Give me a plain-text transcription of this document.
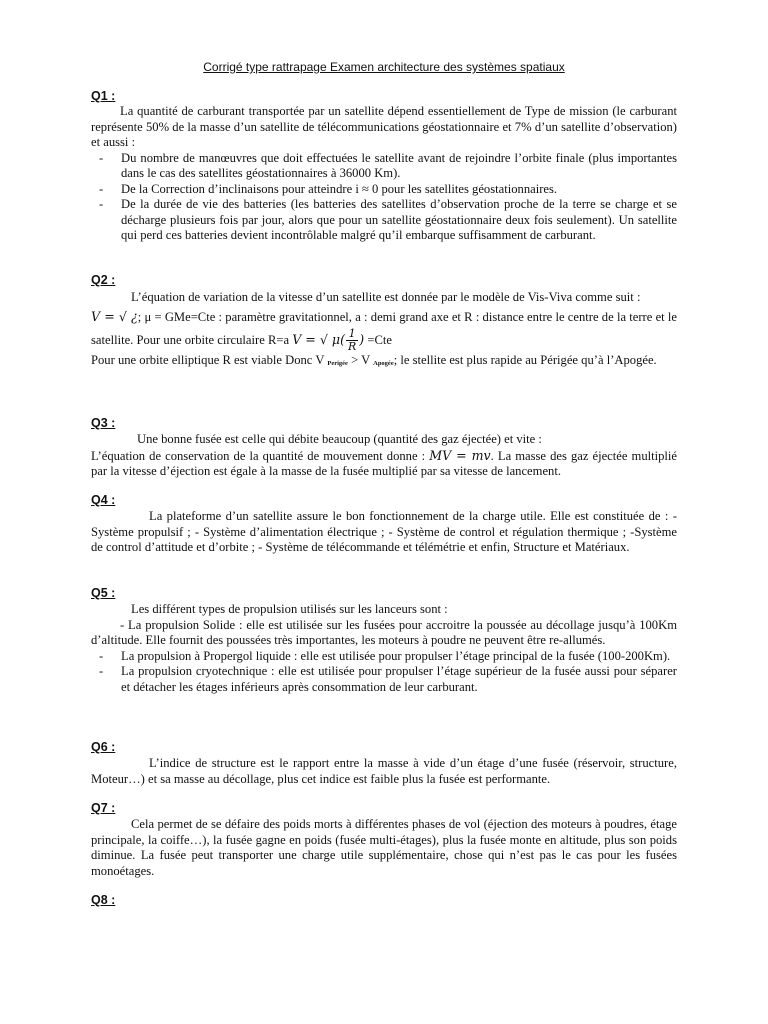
Corrigé type rattrapage Examen architecture des systèmes spatiaux
Q1 :

La quantité de carburant transportée par un satellite dépend essentiellement de Type de mission (le carburant représente 50% de la masse d’un satellite de télécommunications géostationnaire et 7% d’un satellite d’observation) et aussi :

- Du nombre de manœuvres que doit effectuées le satellite avant de rejoindre l’orbite finale (plus importantes dans le cas des satellites géostationnaires à 36000 Km).
- De la Correction d’inclinaisons pour atteindre i ≈ 0 pour les satellites géostationnaires.
- De la durée de vie des batteries (les batteries des satellites d’observation proche de la terre se charge et se décharge plusieurs fois par jour, alors que pour un satellite géostationnaire deux fois seulement). Un satellite qui perd ces batteries devient incontrôlable malgré qu’il embarque suffisamment de carburant.
Q2 :

L’équation de variation de la vitesse d’un satellite est donnée par le modèle de Vis-Viva comme suit :

V = √ ¿; μ = GMe=Cte : paramètre gravitationnel, a : demi grand axe et R : distance entre le centre de la terre et le satellite. Pour une orbite circulaire R=a V = √ $\mu( \frac{1}{R}$ ) =Cte

Pour une orbite elliptique R est viable Donc V Perigée > V Apogée; le stellite est plus rapide au Périgée qu’à l’Apogée.

Q3 :

Une bonne fusée est celle qui débite beaucoup (quantité des gaz éjectée) et vite :

L’équation de conservation de la quantité de mouvement donne : MV = mv. La masse des gaz éjectée multiplié par la vitesse d’éjection est égale à la masse de la fusée multiplié par sa vitesse de lancement.

Q4 :

La plateforme d’un satellite assure le bon fonctionnement de la charge utile. Elle est constituée de : - Système propulsif ; - Système d’alimentation électrique ; - Système de control et régulation thermique ; -Système de control d’attitude et d’orbite ; - Système de télécommande et télémétrie et enfin, Structure et Matériaux.

Q5 :

Les différent types de propulsion utilisés sur les lanceurs sont :

- La propulsion Solide : elle est utilisée sur les fusées pour accroitre la poussée au décollage jusqu’à 100Km d’altitude. Elle fournit des poussées très importantes, les moteurs à poudre ne peuvent être re-allumés.

- La propulsion à Propergol liquide : elle est utilisée pour propulser l’étage principal de la fusée (100-200Km).
- La propulsion cryotechnique : elle est utilisée pour propulser l’étage supérieur de la fusée aussi pour séparer et détacher les étages inférieurs après consommation de leur carburant.
Q6 :

L’indice de structure est le rapport entre la masse à vide d’un étage d’une fusée (réservoir, structure, Moteur…) et sa masse au décollage, plus cet indice est faible plus la fusée est performante.

Q7 :

Cela permet de se défaire des poids morts à différentes phases de vol (éjection des moteurs à poudres, étage principale, la coiffe…), la fusée gagne en poids (fusée multi-étages), plus la fusée monte en altitude, plus son poids diminue. La fusée peut transporter une charge utile supplémentaire, chose qui n’est pas le cas pour les fusées monoétages.

Q8 :
